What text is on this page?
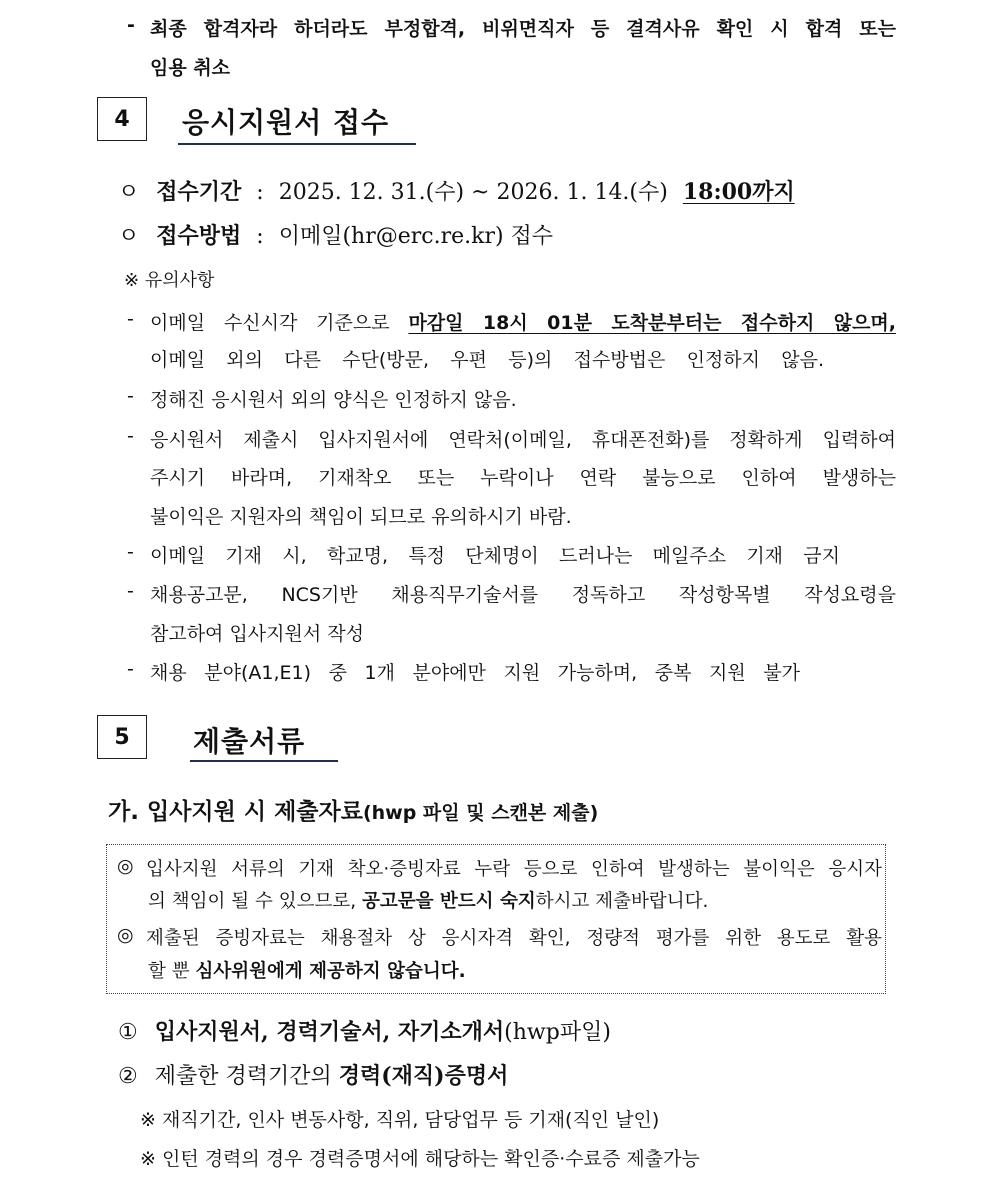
- 최종 합격자라 하더라도 부정합격, 비위면직자 등 결격사유 확인 시 합격 또는
임용 취소
4	응시지원서 접수
ㅇ 접수기간 : 2025. 12. 31.(수) ~ 2026. 1. 14.(수) 18:00까지
ㅇ 접수방법 : 이메일(hr@erc.re.kr) 접수
※ 유의사항
- 이메일 수신시각 기준으로 마감일 18시 01분 도착분부터는 접수하지 않으며,
이메일 외의 다른 수단(방문, 우편 등)의 접수방법은 인정하지 않음.
- 정해진 응시원서 외의 양식은 인정하지 않음.
- 응시원서 제출시 입사지원서에 연락처(이메일, 휴대폰전화)를 정확하게 입력하여
주시기 바라며, 기재착오 또는 누락이나 연락 불능으로 인하여 발생하는
불이익은 지원자의 책임이 되므로 유의하시기 바람.
- 이메일 기재 시, 학교명, 특정 단체명이 드러나는 메일주소 기재 금지
- 채용공고문, NCS기반 채용직무기술서를 정독하고 작성항목별 작성요령을
참고하여 입사지원서 작성
- 채용 분야(A1,E1) 중 1개 분야에만 지원 가능하며, 중복 지원 불가
5	제출서류
가. 입사지원 시 제출자료(hwp 파일 및 스캔본 제출)
◎ 입사지원 서류의 기재 착오·증빙자료 누락 등으로 인하여 발생하는 불이익은 응시자
의 책임이 될 수 있으므로, 공고문을 반드시 숙지하시고 제출바랍니다.
◎ 제출된 증빙자료는 채용절차 상 응시자격 확인, 정량적 평가를 위한 용도로 활용
할 뿐 심사위원에게 제공하지 않습니다.
① 입사지원서, 경력기술서, 자기소개서(hwp파일)
② 제출한 경력기간의 경력(재직)증명서
※ 재직기간, 인사 변동사항, 직위, 담당업무 등 기재(직인 날인)
※ 인턴 경력의 경우 경력증명서에 해당하는 확인증·수료증 제출가능
